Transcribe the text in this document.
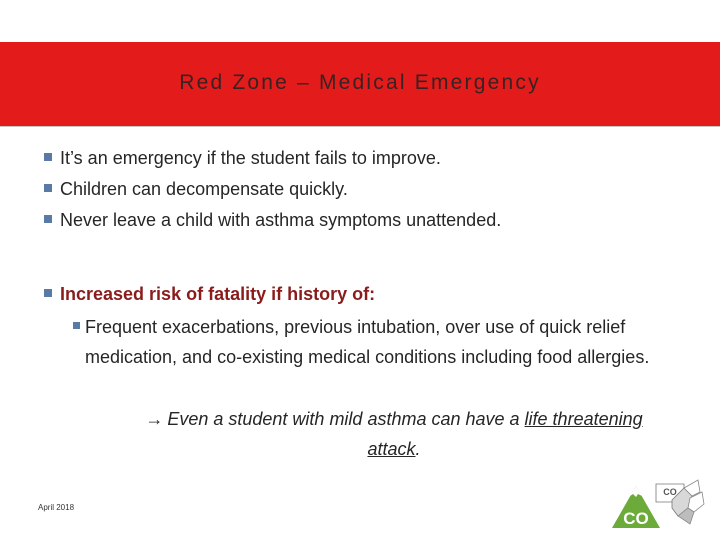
Red Zone – Medical Emergency
It’s an emergency if the student fails to improve.
Children can decompensate quickly.
Never leave a child with asthma symptoms unattended.
Increased risk of fatality if history of:
Frequent exacerbations, previous intubation, over use of quick relief medication, and co-existing medical conditions including food allergies.
→ Even a student with mild asthma can have a life threatening
attack.
April 2018
CO
CO
